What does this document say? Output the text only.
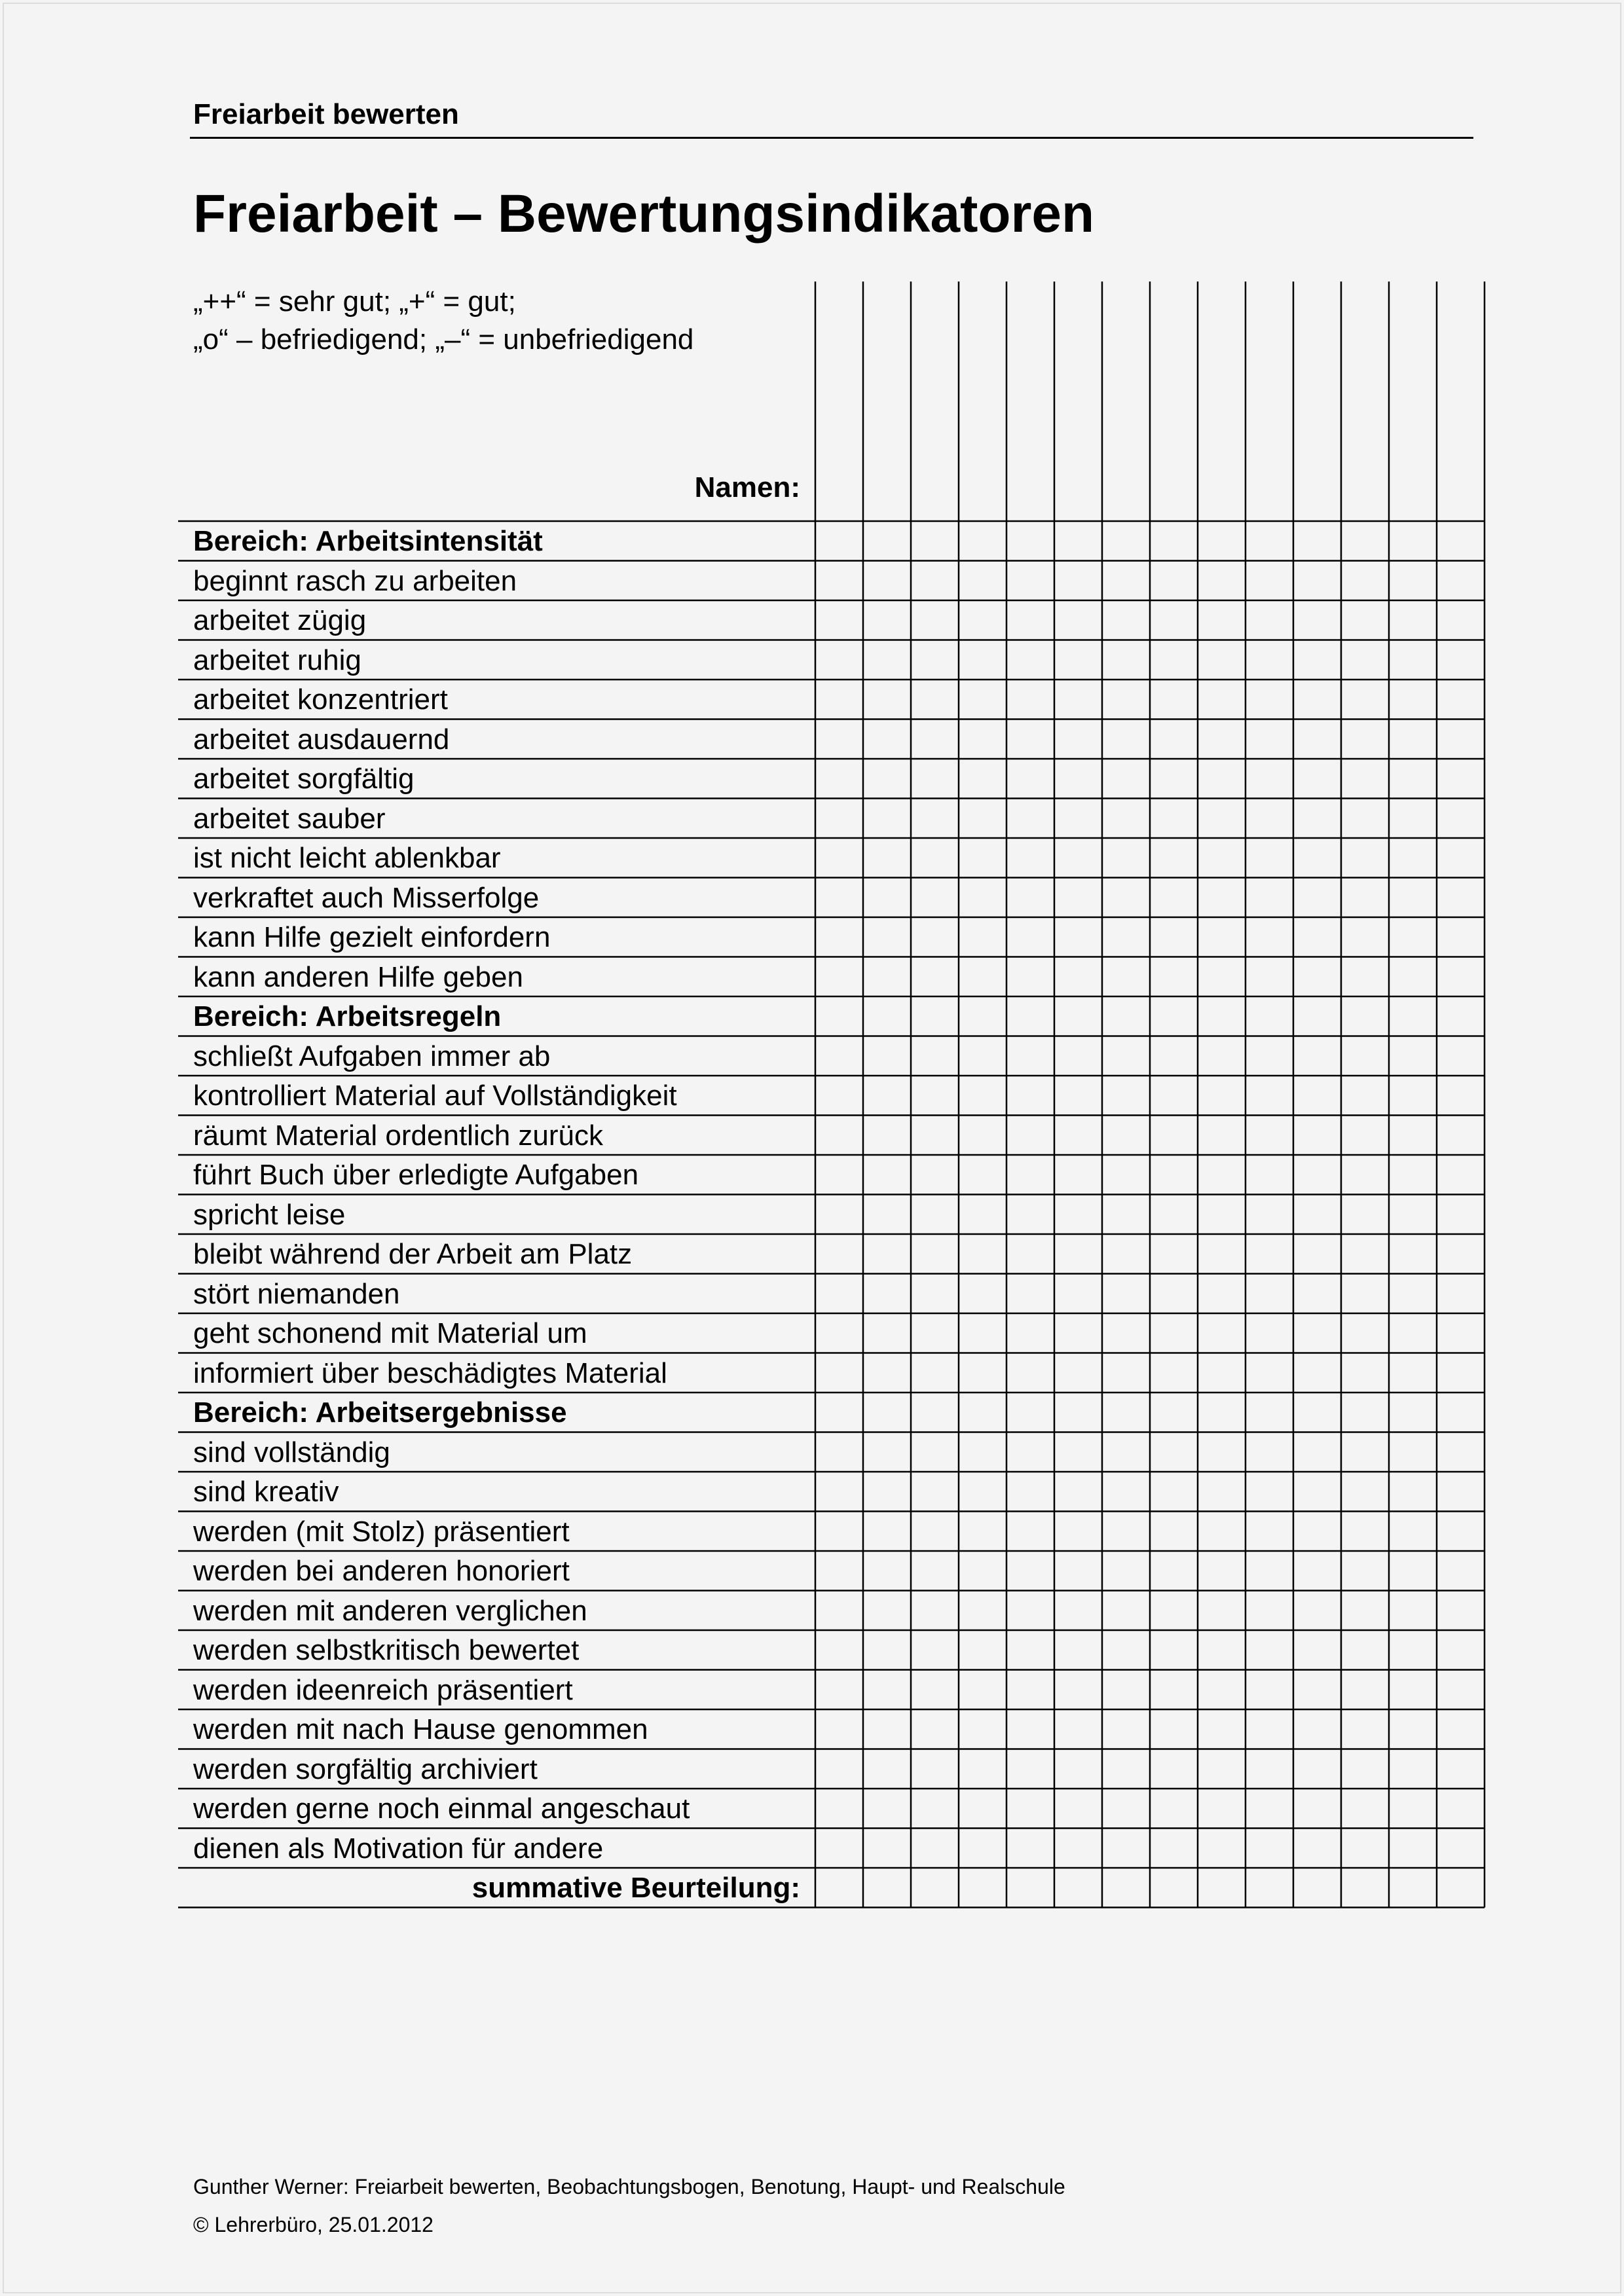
Freiarbeit bewerten
Freiarbeit – Bewertungsindikatoren
„++“ = sehr gut; „+“ = gut;
„o“ – befriedigend; „–“ = unbefriedigend
Namen:
Bereich: Arbeitsintensität
beginnt rasch zu arbeiten
arbeitet zügig
arbeitet ruhig
arbeitet konzentriert
arbeitet ausdauernd
arbeitet sorgfältig
arbeitet sauber
ist nicht leicht ablenkbar
verkraftet auch Misserfolge
kann Hilfe gezielt einfordern
kann anderen Hilfe geben
Bereich: Arbeitsregeln
schließt Aufgaben immer ab
kontrolliert Material auf Vollständigkeit
räumt Material ordentlich zurück
führt Buch über erledigte Aufgaben
spricht leise
bleibt während der Arbeit am Platz
stört niemanden
geht schonend mit Material um
informiert über beschädigtes Material
Bereich: Arbeitsergebnisse
sind vollständig
sind kreativ
werden (mit Stolz) präsentiert
werden bei anderen honoriert
werden mit anderen verglichen
werden selbstkritisch bewertet
werden ideenreich präsentiert
werden mit nach Hause genommen
werden sorgfältig archiviert
werden gerne noch einmal angeschaut
dienen als Motivation für andere
summative Beurteilung:
Gunther Werner: Freiarbeit bewerten, Beobachtungsbogen, Benotung, Haupt- und Realschule
© Lehrerbüro, 25.01.2012
